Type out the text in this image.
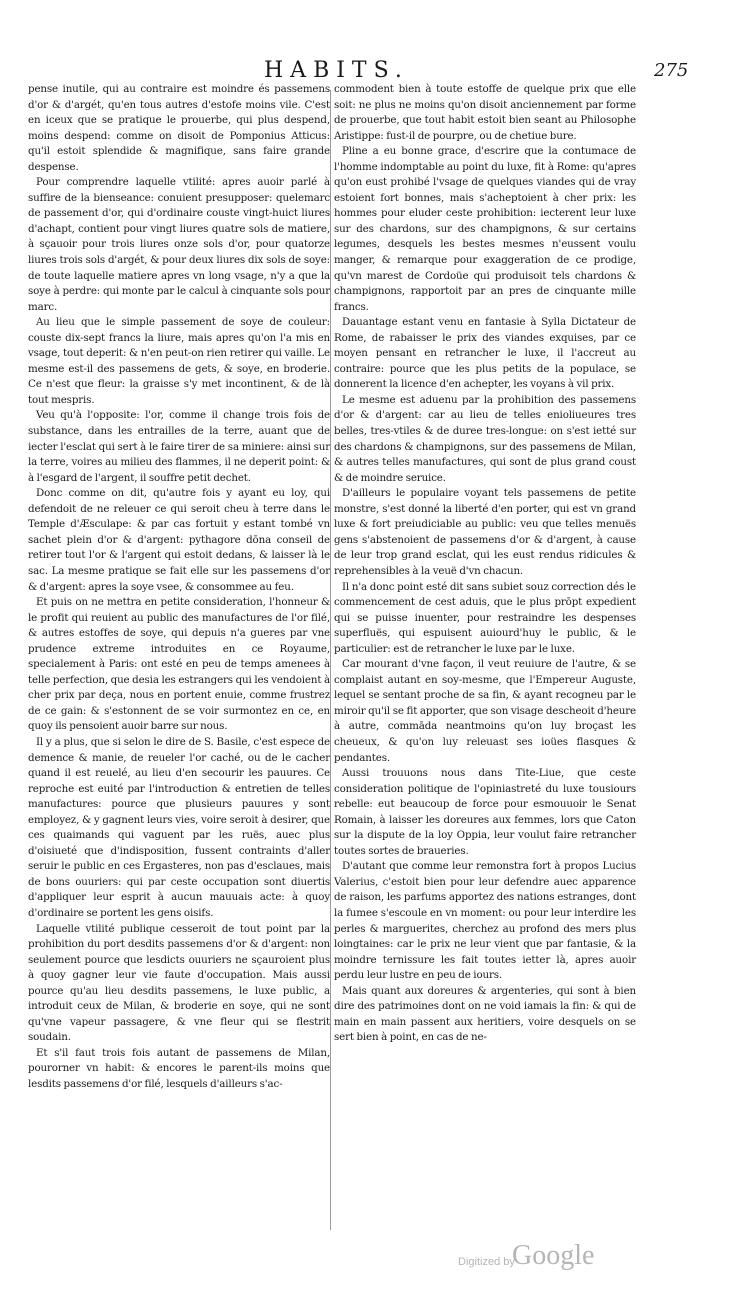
HABITS.	275

pense inutile, qui au contraire est moindre és passemens d'or & d'argét, qu'en tous autres d'estofe moins vile. C'est en iceux que se pratique le prouerbe, qui plus despend, moins despend: comme on disoit de Pomponius Atticus: qu'il estoit splendide & magnifique, sans faire grande despense.

Pour comprendre laquelle vtilité: apres auoir parlé à suffire de la bienseance: conuient presupposer: quelemarc de passement d'or, qui d'ordinaire couste vingt-huict liures d'achapt, contient pour vingt liures quatre sols de matiere, à sçauoir pour trois liures onze sols d'or, pour quatorze liures trois sols d'argét, & pour deux liures dix sols de soye: de toute laquelle matiere apres vn long vsage, n'y a que la soye à perdre: qui monte par le calcul à cinquante sols pour marc.

Au lieu que le simple passement de soye de couleur: couste dix-sept francs la liure, mais apres qu'on l'a mis en vsage, tout deperit: & n'en peut-on rien retirer qui vaille. Le mesme est-il des passemens de gets, & soye, en broderie. Ce n'est que fleur: la graisse s'y met incontinent, & de là tout mespris.

Veu qu'à l'opposite: l'or, comme il change trois fois de substance, dans les entrailles de la terre, auant que de iecter l'esclat qui sert à le faire tirer de sa miniere: ainsi sur la terre, voires au milieu des flammes, il ne deperit point: & à l'esgard de l'argent, il souffre petit dechet.

Donc comme on dit, qu'autre fois y ayant eu loy, qui defendoit de ne releuer ce qui seroit cheu à terre dans le Temple d'Æsculape: & par cas fortuit y estant tombé vn sachet plein d'or & d'argent: pythagore dōna conseil de retirer tout l'or & l'argent qui estoit dedans, & laisser là le sac. La mesme pratique se fait elle sur les passemens d'or & d'argent: apres la soye vsee, & consommee au feu.

Et puis on ne mettra en petite consideration, l'honneur & le profit qui reuient au public des manufactures de l'or filé, & autres estoffes de soye, qui depuis n'a gueres par vne prudence extreme introduites en ce Royaume, specialement à Paris: ont esté en peu de temps amenees à telle perfection, que desia les estrangers qui les vendoient à cher prix par deça, nous en portent enuie, comme frustrez de ce gain: & s'estonnent de se voir surmontez en ce, en quoy ils pensoient auoir barre sur nous.

Il y a plus, que si selon le dire de S. Basile, c'est espece de demence & manie, de reueler l'or caché, ou de le cacher quand il est reuelé, au lieu d'en secourir les pauures. Ce reproche est euité par l'introduction & entretien de telles manufactures: pource que plusieurs pauures y sont employez, & y gagnent leurs vies, voire seroit à desirer, que ces quaimands qui vaguent par les ruës, auec plus d'oisiueté que d'indisposition, fussent contraints d'aller seruir le public en ces Ergasteres, non pas d'esclaues, mais de bons ouuriers: qui par ceste occupation sont diuertis d'appliquer leur esprit à aucun mauuais acte: à quoy d'ordinaire se portent les gens oisifs.

Laquelle vtilité publique cesseroit de tout point par la prohibition du port desdits passemens d'or & d'argent: non seulement pource que lesdicts ouuriers ne sçauroient plus à quoy gagner leur vie faute d'occupation. Mais aussi pource qu'au lieu desdits passemens, le luxe public, a introduit ceux de Milan, & broderie en soye, qui ne sont qu'vne vapeur passagere, & vne fleur qui se flestrit soudain.

Et s'il faut trois fois autant de passemens de Milan, pourorner vn habit: & encores le parent-ils moins que lesdits passemens d'or filé, lesquels d'ailleurs s'ac-

commodent bien à toute estoffe de quelque prix que elle soit: ne plus ne moins qu'on disoit anciennement par forme de prouerbe, que tout habit estoit bien seant au Philosophe Aristippe: fust-il de pourpre, ou de chetiue bure.

Pline a eu bonne grace, d'escrire que la contumace de l'homme indomptable au point du luxe, fit à Rome: qu'apres qu'on eust prohibé l'vsage de quelques viandes qui de vray estoient fort bonnes, mais s'acheptoient à cher prix: les hommes pour eluder ceste prohibition: iecterent leur luxe sur des chardons, sur des champignons, & sur certains legumes, desquels les bestes mesmes n'eussent voulu manger, & remarque pour exaggeration de ce prodige, qu'vn marest de Cordoüe qui produisoit tels chardons & champignons, rapportoit par an pres de cinquante mille francs.

Dauantage estant venu en fantasie à Sylla Dictateur de Rome, de rabaisser le prix des viandes exquises, par ce moyen pensant en retrancher le luxe, il l'accreut au contraire: pource que les plus petits de la populace, se donnerent la licence d'en achepter, les voyans à vil prix.

Le mesme est aduenu par la prohibition des passemens d'or & d'argent: car au lieu de telles enioliueures tres belles, tres-vtiles & de duree tres-longue: on s'est ietté sur des chardons & champignons, sur des passemens de Milan, & autres telles manufactures, qui sont de plus grand coust & de moindre seruice.

D'ailleurs le populaire voyant tels passemens de petite monstre, s'est donné la liberté d'en porter, qui est vn grand luxe & fort preiudiciable au public: veu que telles menuës gens s'abstenoient de passemens d'or & d'argent, à cause de leur trop grand esclat, qui les eust rendus ridicules & reprehensibles à la veuë d'vn chacun.

Il n'a donc point esté dit sans subiet souz correction dés le commencement de cest aduis, que le plus prōpt expedient qui se puisse inuenter, pour restraindre les despenses superfluës, qui espuisent auiourd'huy le public, & le particulier: est de retrancher le luxe par le luxe.

Car mourant d'vne façon, il veut reuiure de l'autre, & se complaist autant en soy-mesme, que l'Empereur Auguste, lequel se sentant proche de sa fin, & ayant recogneu par le miroir qu'il se fit apporter, que son visage descheoit d'heure à autre, commāda neantmoins qu'on luy broçast les cheueux, & qu'on luy releuast ses ioües flasques & pendantes.

Aussi trouuons nous dans Tite-Liue, que ceste consideration politique de l'opiniastreté du luxe tousiours rebelle: eut beaucoup de force pour esmouuoir le Senat Romain, à laisser les doreures aux femmes, lors que Caton sur la dispute de la loy Oppia, leur voulut faire retrancher toutes sortes de braueries.

D'autant que comme leur remonstra fort à propos Lucius Valerius, c'estoit bien pour leur defendre auec apparence de raison, les parfums apportez des nations estranges, dont la fumee s'escoule en vn moment: ou pour leur interdire les perles & marguerites, cherchez au profond des mers plus loingtaines: car le prix ne leur vient que par fantasie, & la moindre ternissure les fait toutes ietter là, apres auoir perdu leur lustre en peu de iours.

Mais quant aux doreures & argenteries, qui sont à bien dire des patrimoines dont on ne void iamais la fin: & qui de main en main passent aux heritiers, voire desquels on se sert bien à point, en cas de ne-

Digitized by
Google
